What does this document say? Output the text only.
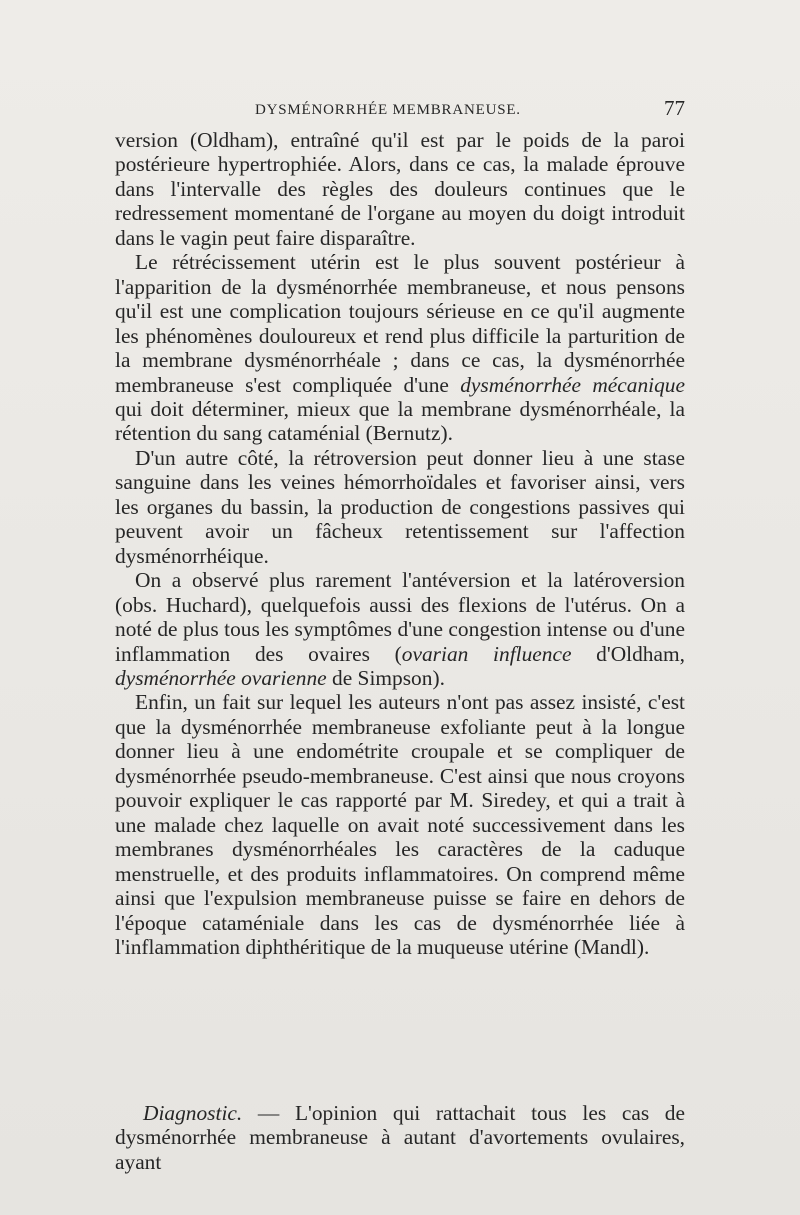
DYSMÉNORRHÉE MEMBRANEUSE.	77

version (Oldham), entraîné qu'il est par le poids de la paroi postérieure hypertrophiée. Alors, dans ce cas, la malade éprouve dans l'intervalle des règles des douleurs continues que le redressement momentané de l'organe au moyen du doigt introduit dans le vagin peut faire disparaître.

Le rétrécissement utérin est le plus souvent postérieur à l'apparition de la dysménorrhée membraneuse, et nous pensons qu'il est une complication toujours sérieuse en ce qu'il augmente les phénomènes douloureux et rend plus difficile la parturition de la membrane dysménorrhéale ; dans ce cas, la dysménorrhée membraneuse s'est compliquée d'une dysménorrhée mécanique qui doit déterminer, mieux que la membrane dysménorrhéale, la rétention du sang cataménial (Bernutz).

D'un autre côté, la rétroversion peut donner lieu à une stase sanguine dans les veines hémorrhoïdales et favoriser ainsi, vers les organes du bassin, la production de congestions passives qui peuvent avoir un fâcheux retentissement sur l'affection dysménorrhéique.

On a observé plus rarement l'antéversion et la latéroversion (obs. Huchard), quelquefois aussi des flexions de l'utérus. On a noté de plus tous les symptômes d'une congestion intense ou d'une inflammation des ovaires (ovarian influence d'Oldham, dysménorrhée ovarienne de Simpson).

Enfin, un fait sur lequel les auteurs n'ont pas assez insisté, c'est que la dysménorrhée membraneuse exfoliante peut à la longue donner lieu à une endométrite croupale et se compliquer de dysménorrhée pseudo-membraneuse. C'est ainsi que nous croyons pouvoir expliquer le cas rapporté par M. Siredey, et qui a trait à une malade chez laquelle on avait noté successivement dans les membranes dysménorrhéales les caractères de la caduque menstruelle, et des produits inflammatoires. On comprend même ainsi que l'expulsion membraneuse puisse se faire en dehors de l'époque cataméniale dans les cas de dysménorrhée liée à l'inflammation diphthéritique de la muqueuse utérine (Mandl).

Diagnostic. — L'opinion qui rattachait tous les cas de dysménorrhée membraneuse à autant d'avortements ovulaires, ayant
